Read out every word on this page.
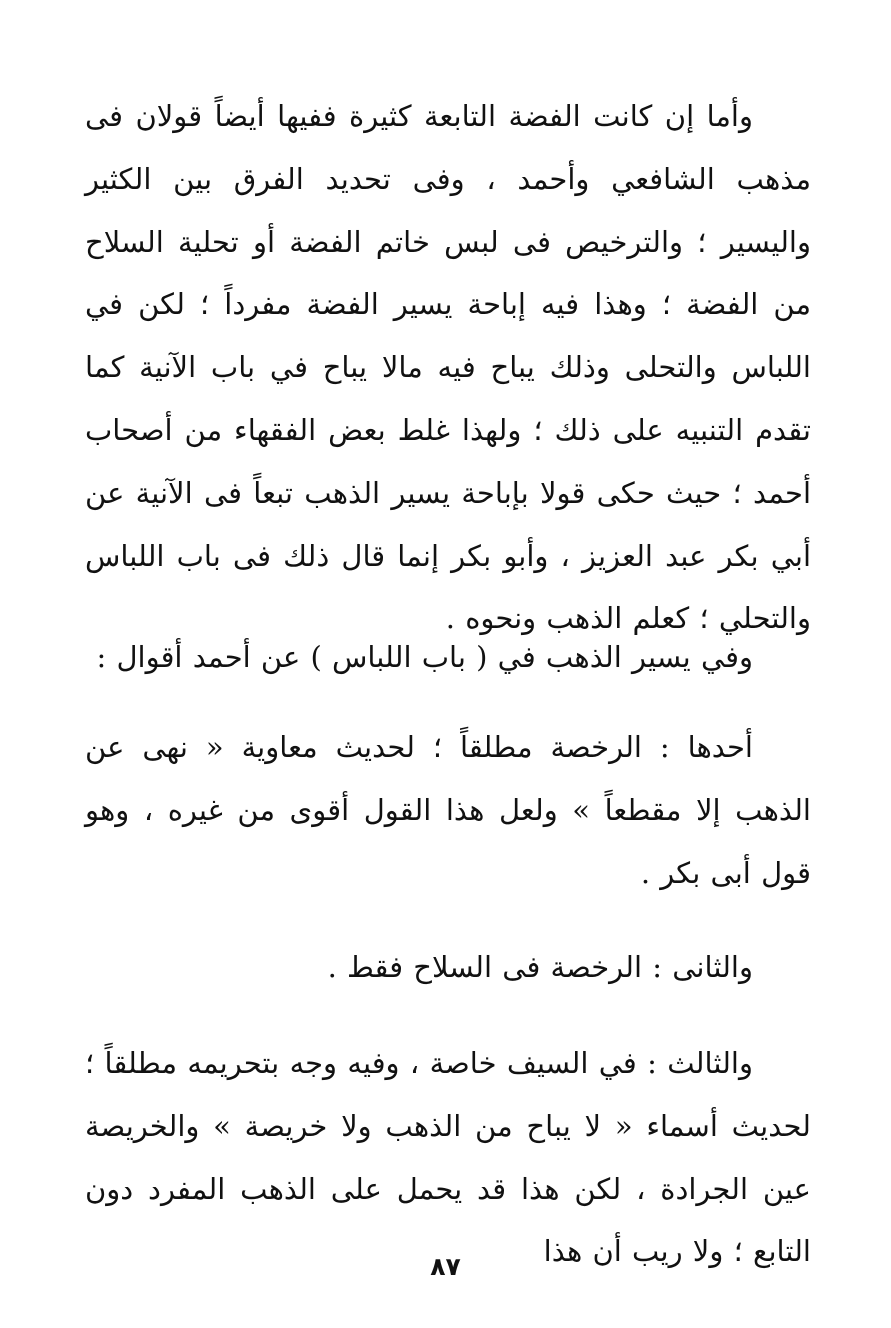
وأما إن كانت الفضة التابعة كثيرة ففيها أيضاً قولان فى مذهب الشافعي وأحمد ، وفى تحديد الفرق بين الكثير واليسير ؛ والترخيص فى لبس خاتم الفضة أو تحلية السلاح من الفضة ؛ وهذا فيه إباحة يسير الفضة مفرداً ؛ لكن في اللباس والتحلى وذلك يباح فيه مالا يباح في باب الآنية كما تقدم التنبيه على ذلك ؛ ولهذا غلط بعض الفقهاء من أصحاب أحمد ؛ حيث حكى قولا بإباحة يسير الذهب تبعاً فى الآنية عن أبي بكر عبد العزيز ، وأبو بكر إنما قال ذلك فى باب اللباس والتحلي ؛ كعلم الذهب ونحوه .

وفي يسير الذهب في ( باب اللباس ) عن أحمد أقوال :

أحدها : الرخصة مطلقاً ؛ لحديث معاوية « نهى عن الذهب إلا مقطعاً » ولعل هذا القول أقوى من غيره ، وهو قول أبى بكر .

والثانى : الرخصة فى السلاح فقط .

والثالث : في السيف خاصة ، وفيه وجه بتحريمه مطلقاً ؛ لحديث أسماء « لا يباح من الذهب ولا خريصة » والخريصة عين الجرادة ، لكن هذا قد يحمل على الذهب المفرد دون التابع ؛ ولا ريب أن هذا

٨٧
